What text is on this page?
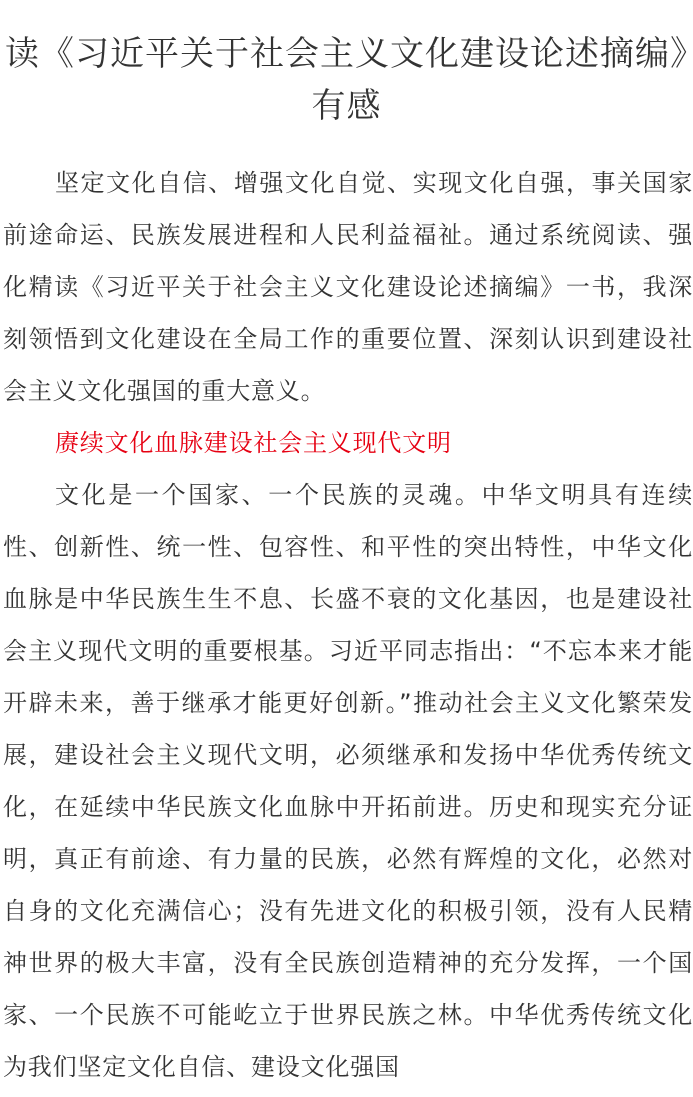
读《习近平关于社会主义文化建设论述摘编》有感

坚定文化自信、增强文化自觉、实现文化自强，事关国家前途命运、民族发展进程和人民利益福祉。通过系统阅读、强化精读《习近平关于社会主义文化建设论述摘编》一书，我深刻领悟到文化建设在全局工作的重要位置、深刻认识到建设社会主义文化强国的重大意义。

赓续文化血脉建设社会主义现代文明

文化是一个国家、一个民族的灵魂。中华文明具有连续性、创新性、统一性、包容性、和平性的突出特性，中华文化血脉是中华民族生生不息、长盛不衰的文化基因，也是建设社会主义现代文明的重要根基。习近平同志指出：“不忘本来才能开辟未来，善于继承才能更好创新。”推动社会主义文化繁荣发展，建设社会主义现代文明，必须继承和发扬中华优秀传统文化，在延续中华民族文化血脉中开拓前进。历史和现实充分证明，真正有前途、有力量的民族，必然有辉煌的文化，必然对自身的文化充满信心；没有先进文化的积极引领，没有人民精神世界的极大丰富，没有全民族创造精神的充分发挥，一个国家、一个民族不可能屹立于世界民族之林。中华优秀传统文化为我们坚定文化自信、建设文化强国
